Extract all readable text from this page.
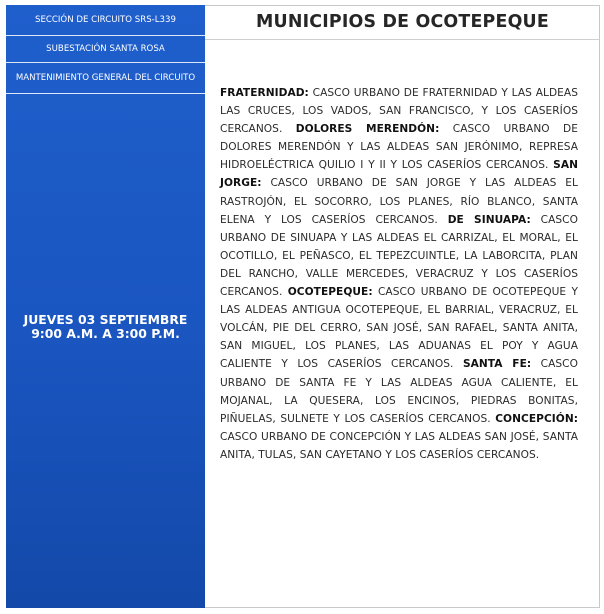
SECCIÓN DE CIRCUITO SRS-L339
SUBESTACIÓN SANTA ROSA
MANTENIMIENTO GENERAL DEL CIRCUITO
JUEVES 03 SEPTIEMBRE
9:00 A.M. A 3:00 P.M.
MUNICIPIOS DE OCOTEPEQUE
FRATERNIDAD: CASCO URBANO DE FRATERNIDAD Y LAS ALDEAS LAS CRUCES, LOS VADOS, SAN FRANCISCO, Y LOS CASERÍOS CERCANOS. DOLORES MERENDÓN: CASCO URBANO DE DOLORES MERENDÓN Y LAS ALDEAS SAN JERÓNIMO, REPRESA HIDROELÉCTRICA QUILIO I Y II Y LOS CASERÍOS CERCANOS. SAN JORGE: CASCO URBANO DE SAN JORGE Y LAS ALDEAS EL RASTROJÓN, EL SOCORRO, LOS PLANES, RÍO BLANCO, SANTA ELENA Y LOS CASERÍOS CERCANOS. DE SINUAPA: CASCO URBANO DE SINUAPA Y LAS ALDEAS EL CARRIZAL, EL MORAL, EL OCOTILLO, EL PEÑASCO, EL TEPEZCUINTLE, LA LABORCITA, PLAN DEL RANCHO, VALLE MERCEDES, VERACRUZ Y LOS CASERÍOS CERCANOS. OCOTEPEQUE: CASCO URBANO DE OCOTEPEQUE Y LAS ALDEAS ANTIGUA OCOTEPEQUE, EL BARRIAL, VERACRUZ, EL VOLCÁN, PIE DEL CERRO, SAN JOSÉ, SAN RAFAEL, SANTA ANITA, SAN MIGUEL, LOS PLANES, LAS ADUANAS EL POY Y AGUA CALIENTE Y LOS CASERÍOS CERCANOS. SANTA FE: CASCO URBANO DE SANTA FE Y LAS ALDEAS AGUA CALIENTE, EL MOJANAL, LA QUESERA, LOS ENCINOS, PIEDRAS BONITAS, PIÑUELAS, SULNETE Y LOS CASERÍOS CERCANOS. CONCEPCIÓN: CASCO URBANO DE CONCEPCIÓN Y LAS ALDEAS SAN JOSÉ, SANTA ANITA, TULAS, SAN CAYETANO Y LOS CASERÍOS CERCANOS.
